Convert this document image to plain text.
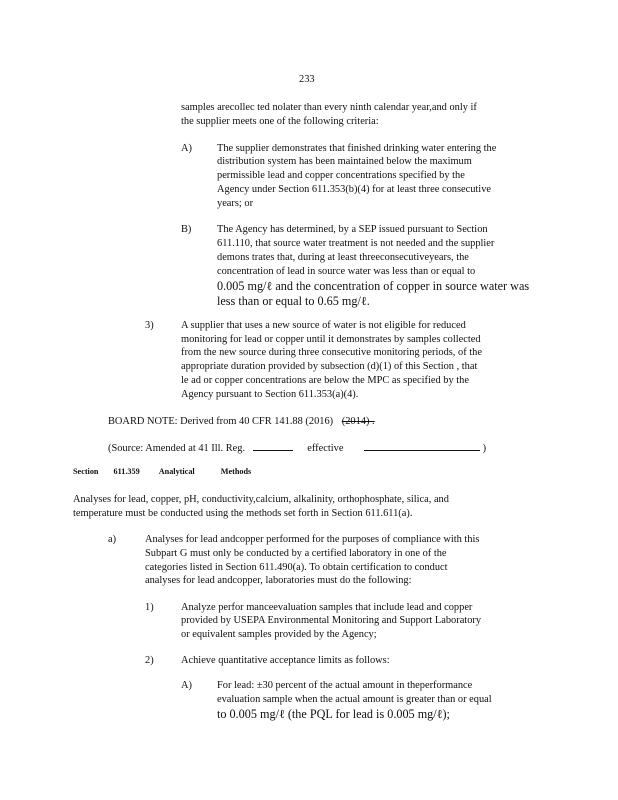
233
samples arecollec ted nolater than every ninth calendar year,and only if
the supplier meets one of the following criteria:
A) The supplier demonstrates that finished drinking water entering the
distribution system has been maintained below the maximum
permissible lead and copper concentrations specified by the
Agency under Section 611.353(b)(4) for at least three consecutive
years; or
B) The Agency has determined, by a SEP issued pursuant to Section
611.110, that source water treatment is not needed and the supplier
demons trates that, during at least threeconsecutiveyears, the
concentration of lead in source water was less than or equal to
0.005 mg/ℓ and the concentration of copper in source water was
less than or equal to 0.65 mg/ℓ.
3)	A supplier that uses a new source of water is not eligible for reduced
monitoring for lead or copper until it demonstrates by samples collected
from the new source during three consecutive monitoring periods, of the
appropriate duration provided by subsection (d)(1) of this Section , that
le ad or copper concentrations are below the MPC as specified by the
Agency pursuant to Section 611.353(a)(4).
BOARD NOTE: Derived from 40 CFR 141.88 (2016) (2014) .
(Source: Amended at 41 Ill. Reg.	effective	)
Section 611.359 Analytical	Methods
Analyses for lead, copper, pH, conductivity,calcium, alkalinity, orthophosphate, silica, and
temperature must be conducted using the methods set forth in Section 611.611(a).
a)	Analyses for lead andcopper performed for the purposes of compliance with this
Subpart G must only be conducted by a certified laboratory in one of the
categories listed in Section 611.490(a). To obtain certification to conduct
analyses for lead andcopper, laboratories must do the following:
1)	Analyze perfor manceevaluation samples that include lead and copper
provided by USEPA Environmental Monitoring and Support Laboratory
or equivalent samples provided by the Agency;
2)	Achieve quantitative acceptance limits as follows:
A) For lead: ±30 percent of the actual amount in theperformance
evaluation sample when the actual amount is greater than or equal
to 0.005 mg/ℓ (the PQL for lead is 0.005 mg/ℓ);
